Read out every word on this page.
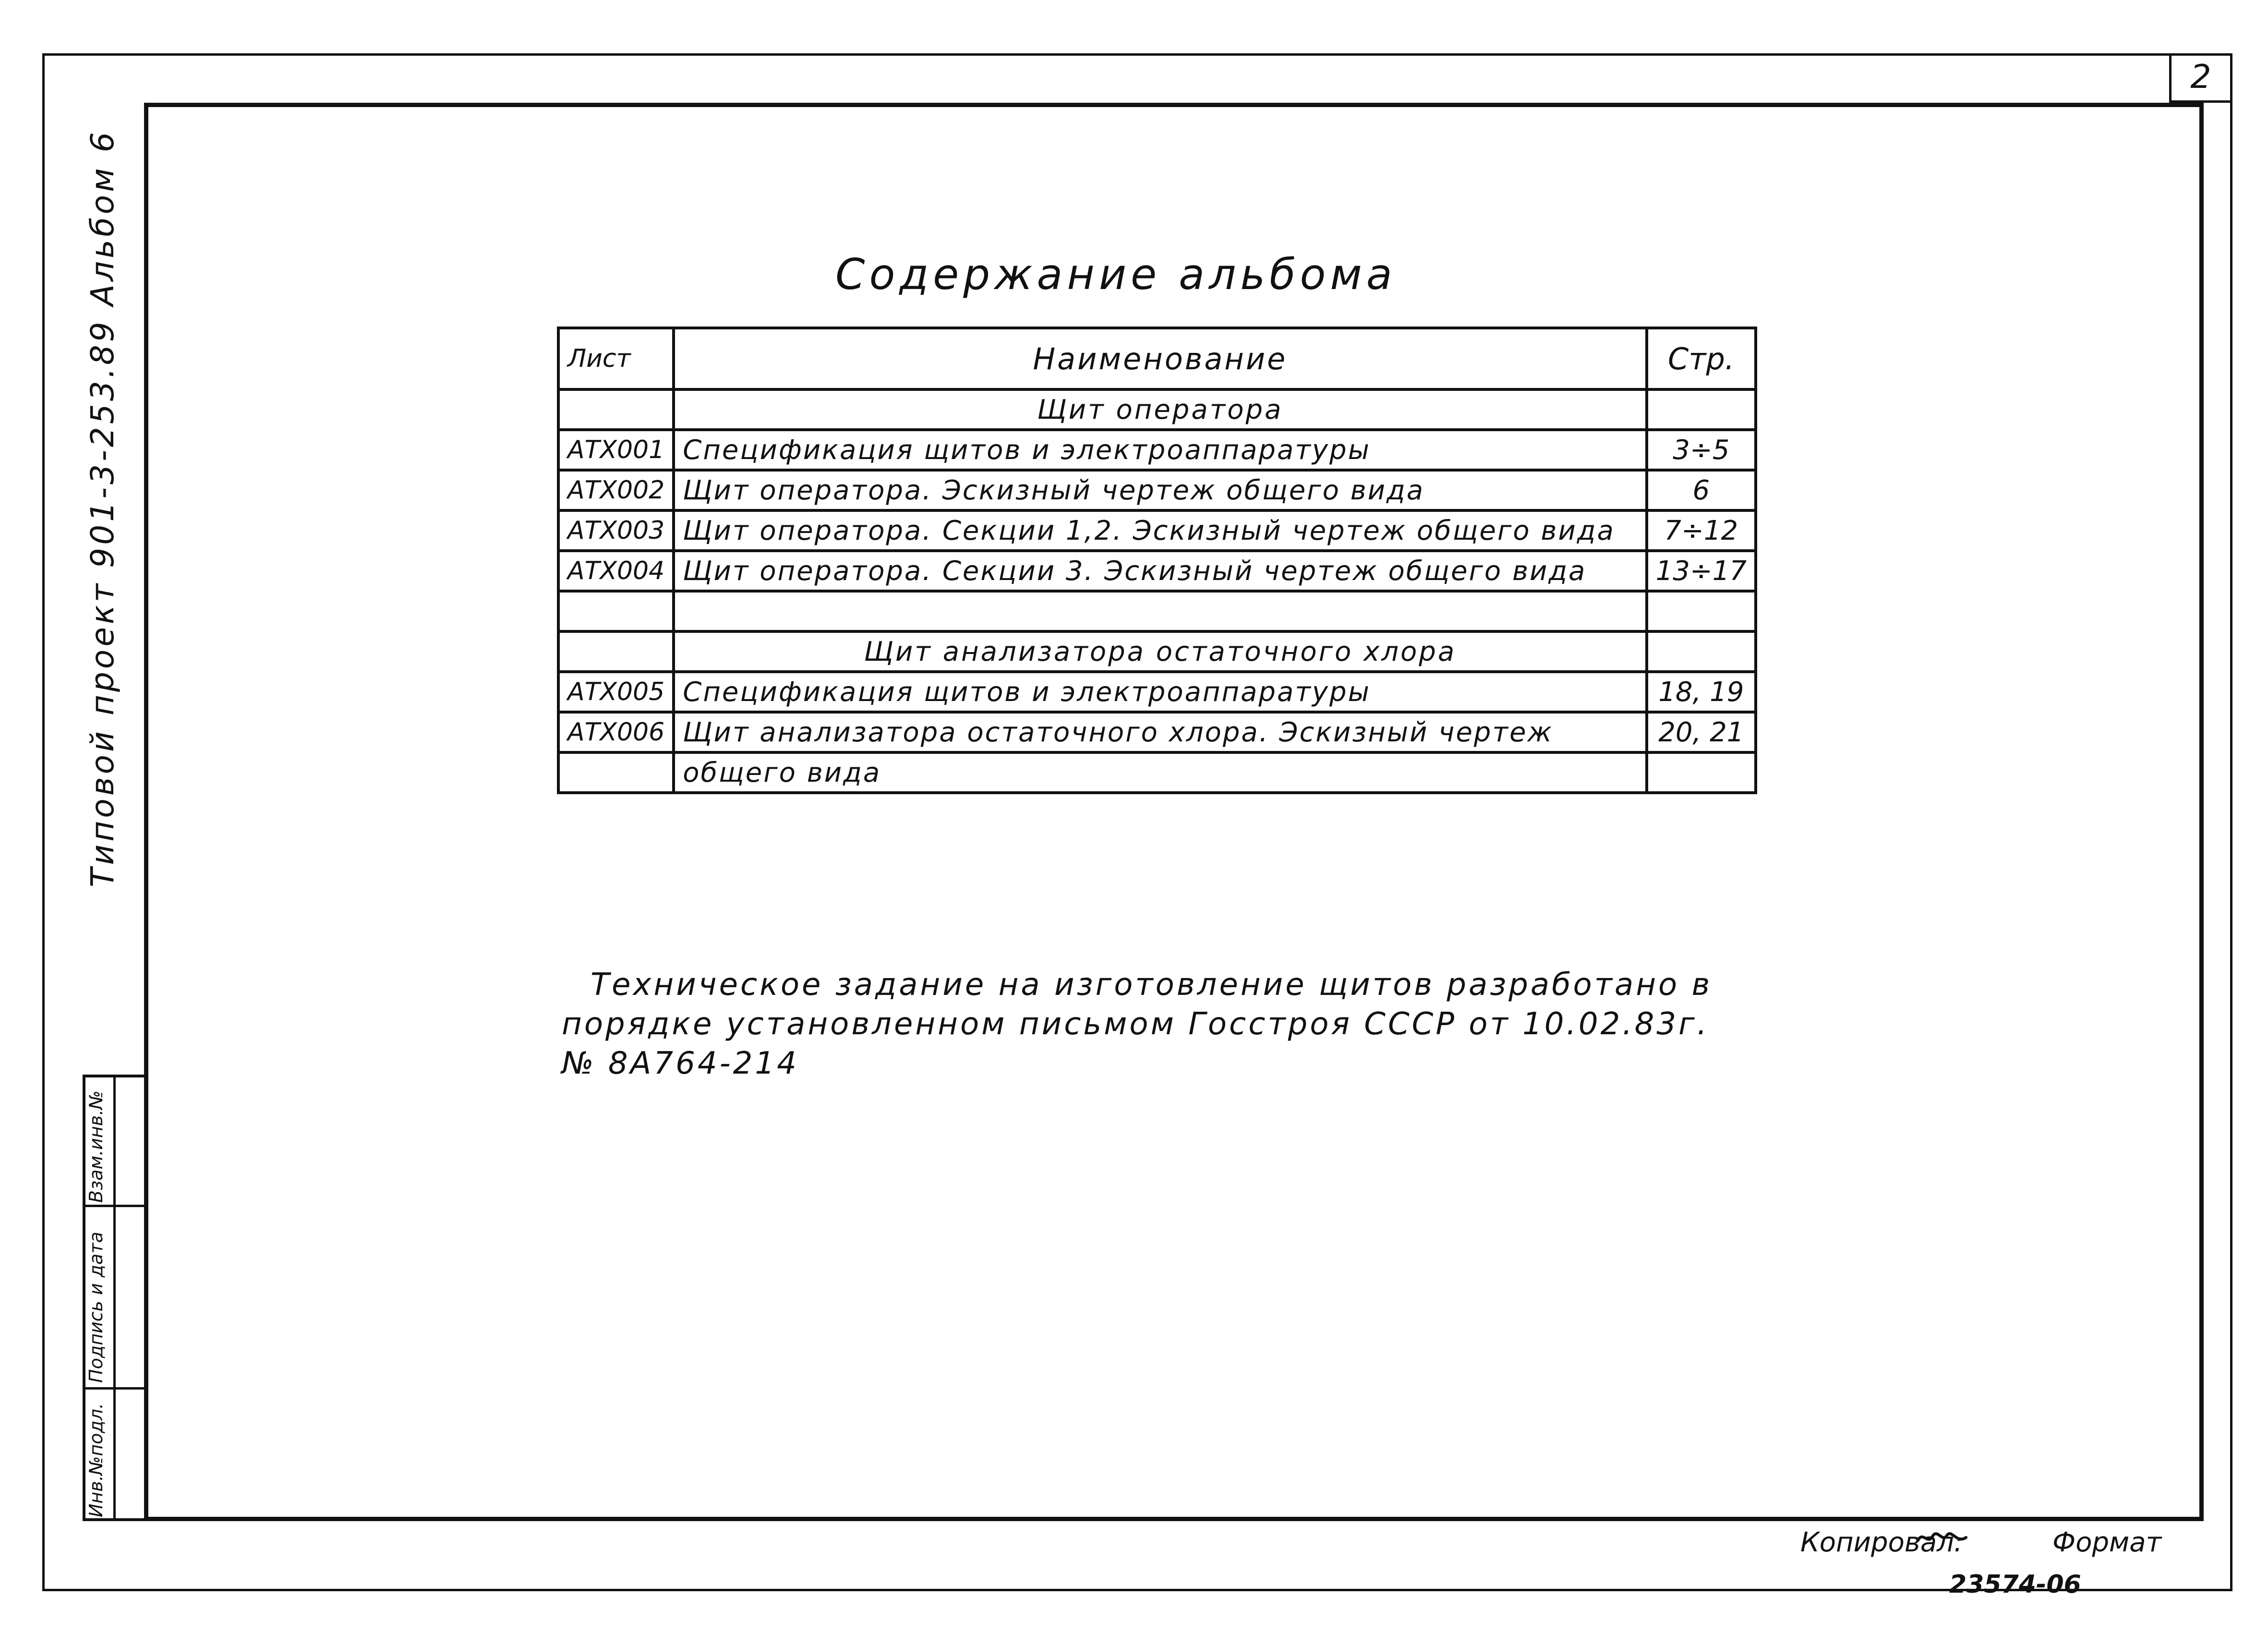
2
Типовой проект 901-3-253.89 Альбом 6
Взам.инв.№
Подпись и дата
Инв.№подл.
Содержание альбома
Лист	Наименование	Стр.
	Щит оператора	
АТХ001	Спецификация щитов и электроаппаратуры	3÷5
АТХ002	Щит оператора. Эскизный чертеж общего вида	6
АТХ003	Щит оператора. Секции 1,2. Эскизный чертеж общего вида	7÷12
АТХ004	Щит оператора. Секции 3. Эскизный чертеж общего вида	13÷17

	Щит анализатора остаточного хлора	
АТХ005	Спецификация щитов и электроаппаратуры	18, 19
АТХ006	Щит анализатора остаточного хлора. Эскизный чертеж	20, 21
	общего вида	
Техническое задание на изготовление щитов разработано в
порядке установленном письмом Госстроя СССР от 10.02.83г.
№ 8А764-214
Копировал:	Формат
23574-06
